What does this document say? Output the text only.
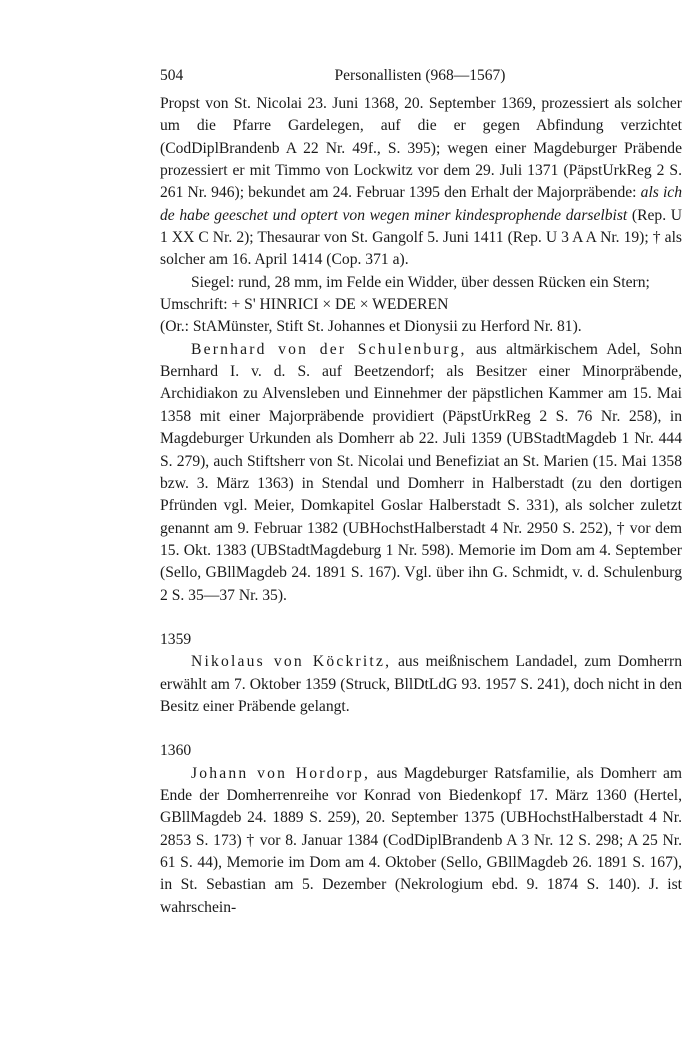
504	Personallisten (968—1567)

Propst von St. Nicolai 23. Juni 1368, 20. September 1369, prozessiert als solcher um die Pfarre Gardelegen, auf die er gegen Abfindung verzichtet (CodDiplBrandenb A 22 Nr. 49f., S. 395); wegen einer Magdeburger Präbende prozessiert er mit Timmo von Lockwitz vor dem 29. Juli 1371 (PäpstUrkReg 2 S. 261 Nr. 946); bekundet am 24. Februar 1395 den Erhalt der Majorpräbende: als ich de habe geeschet und optert von wegen miner kindesprophende darselbist (Rep. U 1 XX C Nr. 2); Thesaurar von St. Gangolf 5. Juni 1411 (Rep. U 3 A A Nr. 19); † als solcher am 16. April 1414 (Cop. 371 a).

Siegel: rund, 28 mm, im Felde ein Widder, über dessen Rücken ein Stern;

Umschrift: + S' HINRICI × DE × WEDEREN

(Or.: StAMünster, Stift St. Johannes et Dionysii zu Herford Nr. 81).

Bernhard von der Schulenburg, aus altmärkischem Adel, Sohn Bernhard I. v. d. S. auf Beetzendorf; als Besitzer einer Minorpräbende, Archidiakon zu Alvensleben und Einnehmer der päpstlichen Kammer am 15. Mai 1358 mit einer Majorpräbende providiert (PäpstUrkReg 2 S. 76 Nr. 258), in Magdeburger Urkunden als Domherr ab 22. Juli 1359 (UBStadtMagdeb 1 Nr. 444 S. 279), auch Stiftsherr von St. Nicolai und Benefiziat an St. Marien (15. Mai 1358 bzw. 3. März 1363) in Stendal und Domherr in Halberstadt (zu den dortigen Pfründen vgl. Meier, Domkapitel Goslar Halberstadt S. 331), als solcher zuletzt genannt am 9. Februar 1382 (UBHochstHalberstadt 4 Nr. 2950 S. 252), † vor dem 15. Okt. 1383 (UBStadtMagdeburg 1 Nr. 598). Memorie im Dom am 4. September (Sello, GBllMagdeb 24. 1891 S. 167). Vgl. über ihn G. Schmidt, v. d. Schulenburg 2 S. 35—37 Nr. 35).

1359

Nikolaus von Köckritz, aus meißnischem Landadel, zum Domherrn erwählt am 7. Oktober 1359 (Struck, BllDtLdG 93. 1957 S. 241), doch nicht in den Besitz einer Präbende gelangt.

1360

Johann von Hordorp, aus Magdeburger Ratsfamilie, als Domherr am Ende der Domherrenreihe vor Konrad von Biedenkopf 17. März 1360 (Hertel, GBllMagdeb 24. 1889 S. 259), 20. September 1375 (UBHochstHalberstadt 4 Nr. 2853 S. 173) † vor 8. Januar 1384 (CodDiplBrandenb A 3 Nr. 12 S. 298; A 25 Nr. 61 S. 44), Memorie im Dom am 4. Oktober (Sello, GBllMagdeb 26. 1891 S. 167), in St. Sebastian am 5. Dezember (Nekrologium ebd. 9. 1874 S. 140). J. ist wahrschein-
